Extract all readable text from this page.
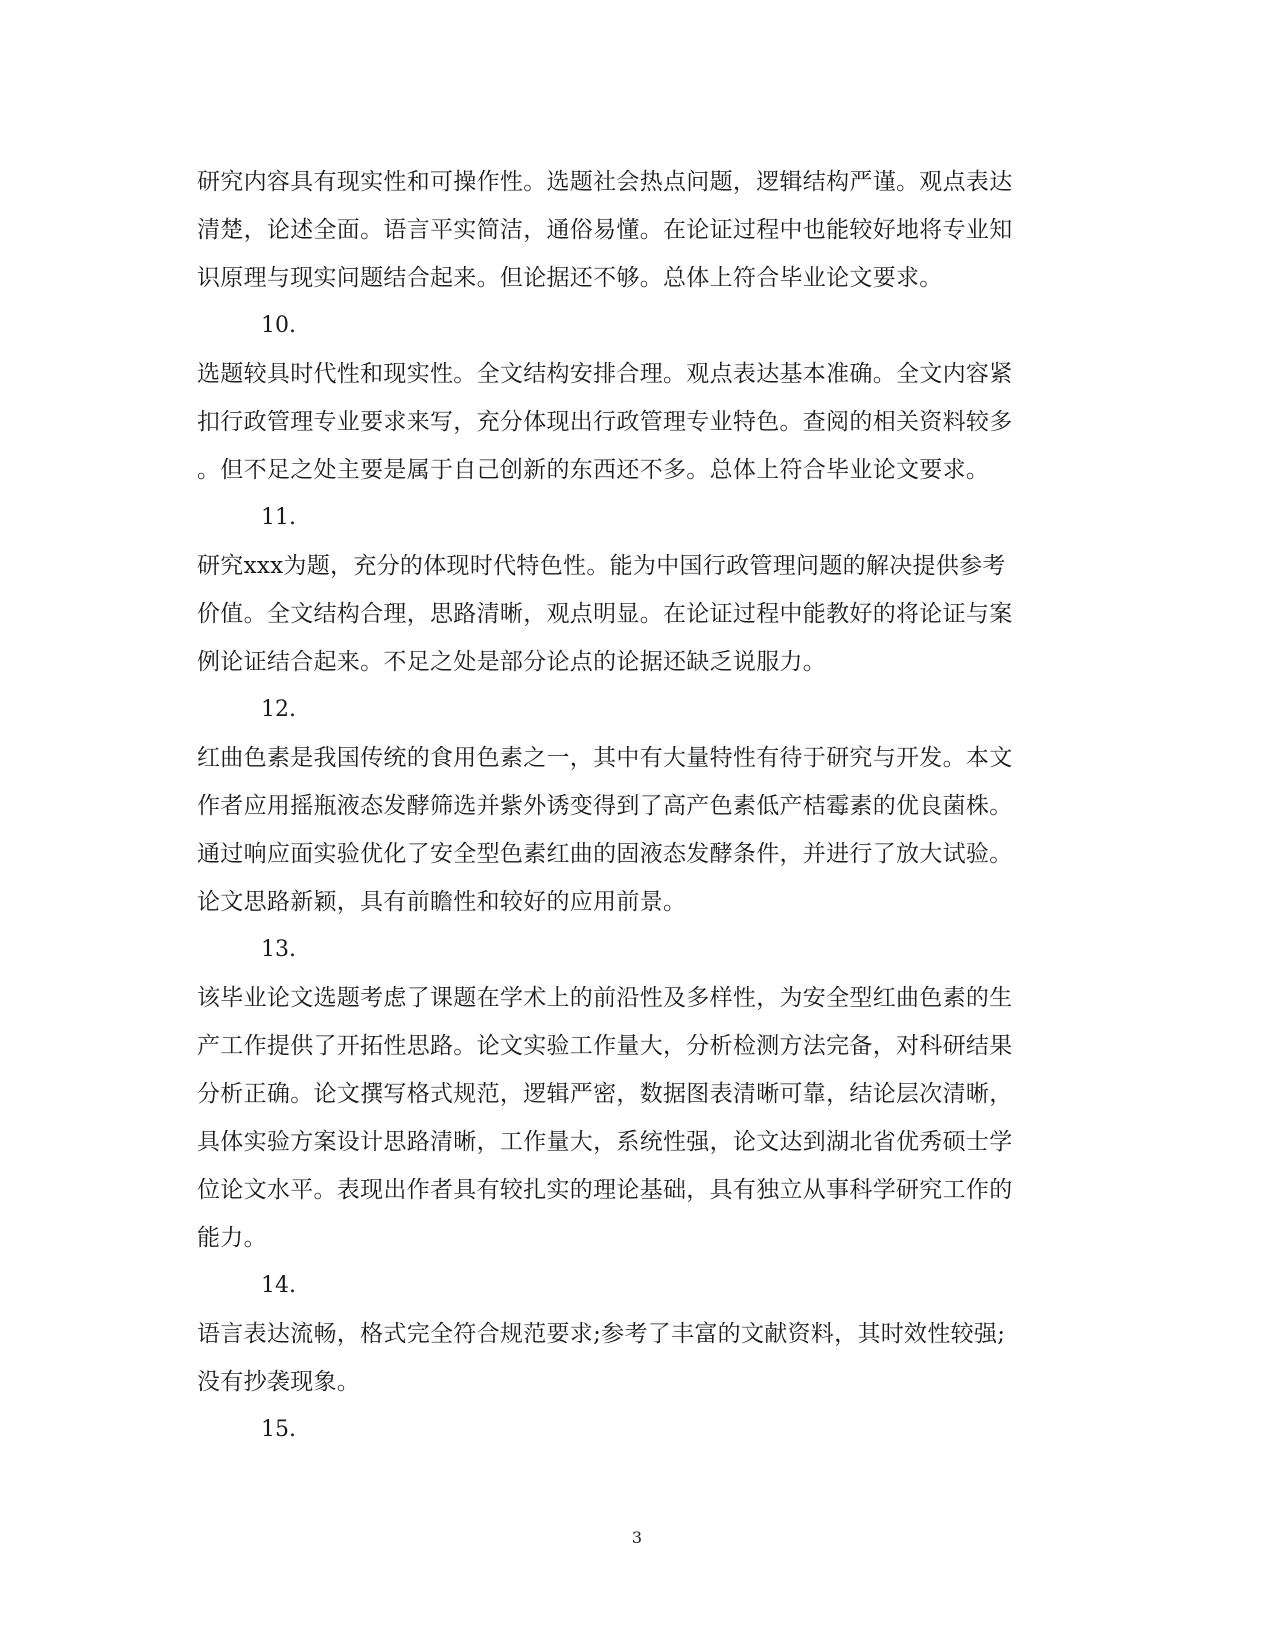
研究内容具有现实性和可操作性。选题社会热点问题，逻辑结构严谨。观点表达
清楚，论述全面。语言平实简洁，通俗易懂。在论证过程中也能较好地将专业知
识原理与现实问题结合起来。但论据还不够。总体上符合毕业论文要求。

10.

选题较具时代性和现实性。全文结构安排合理。观点表达基本准确。全文内容紧
扣行政管理专业要求来写，充分体现出行政管理专业特色。查阅的相关资料较多
。但不足之处主要是属于自己创新的东西还不多。总体上符合毕业论文要求。

11.

研究xxx为题，充分的体现时代特色性。能为中国行政管理问题的解决提供参考
价值。全文结构合理，思路清晰，观点明显。在论证过程中能教好的将论证与案
例论证结合起来。不足之处是部分论点的论据还缺乏说服力。

12.

红曲色素是我国传统的食用色素之一，其中有大量特性有待于研究与开发。本文
作者应用摇瓶液态发酵筛选并紫外诱变得到了高产色素低产桔霉素的优良菌株。
通过响应面实验优化了安全型色素红曲的固液态发酵条件，并进行了放大试验。
论文思路新颖，具有前瞻性和较好的应用前景。

13.

该毕业论文选题考虑了课题在学术上的前沿性及多样性，为安全型红曲色素的生
产工作提供了开拓性思路。论文实验工作量大，分析检测方法完备，对科研结果
分析正确。论文撰写格式规范，逻辑严密，数据图表清晰可靠，结论层次清晰，
具体实验方案设计思路清晰，工作量大，系统性强，论文达到湖北省优秀硕士学
位论文水平。表现出作者具有较扎实的理论基础，具有独立从事科学研究工作的
能力。

14.

语言表达流畅，格式完全符合规范要求;参考了丰富的文献资料，其时效性较强;
没有抄袭现象。

15.

3
